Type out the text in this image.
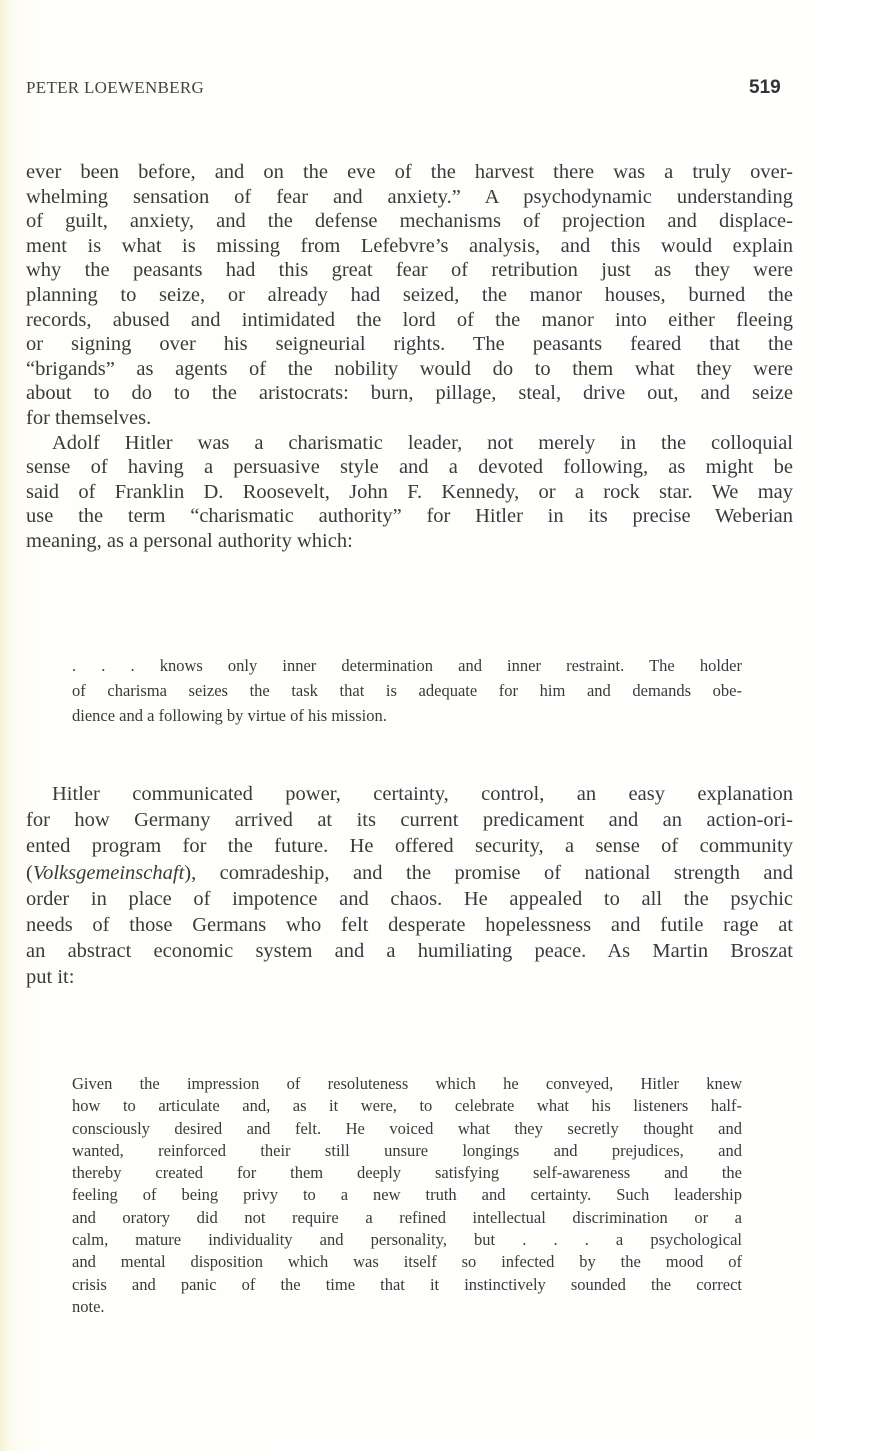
PETER LOEWENBERG	519
ever been before, and on the eve of the harvest there was a truly over-
whelming sensation of fear and anxiety.” A psychodynamic understanding
of guilt, anxiety, and the defense mechanisms of projection and displace-
ment is what is missing from Lefebvre’s analysis, and this would explain
why the peasants had this great fear of retribution just as they were
planning to seize, or already had seized, the manor houses, burned the
records, abused and intimidated the lord of the manor into either fleeing
or signing over his seigneurial rights. The peasants feared that the
“brigands” as agents of the nobility would do to them what they were
about to do to the aristocrats: burn, pillage, steal, drive out, and seize
for themselves.
Adolf Hitler was a charismatic leader, not merely in the colloquial
sense of having a persuasive style and a devoted following, as might be
said of Franklin D. Roosevelt, John F. Kennedy, or a rock star. We may
use the term “charismatic authority” for Hitler in its precise Weberian
meaning, as a personal authority which:
. . . knows only inner determination and inner restraint. The holder
of charisma seizes the task that is adequate for him and demands obe-
dience and a following by virtue of his mission.
Hitler communicated power, certainty, control, an easy explanation
for how Germany arrived at its current predicament and an action-ori-
ented program for the future. He offered security, a sense of community
(Volksgemeinschaft), comradeship, and the promise of national strength and
order in place of impotence and chaos. He appealed to all the psychic
needs of those Germans who felt desperate hopelessness and futile rage at
an abstract economic system and a humiliating peace. As Martin Broszat
put it:
Given the impression of resoluteness which he conveyed, Hitler knew
how to articulate and, as it were, to celebrate what his listeners half-
consciously desired and felt. He voiced what they secretly thought and
wanted, reinforced their still unsure longings and prejudices, and
thereby created for them deeply satisfying self-awareness and the
feeling of being privy to a new truth and certainty. Such leadership
and oratory did not require a refined intellectual discrimination or a
calm, mature individuality and personality, but . . . a psychological
and mental disposition which was itself so infected by the mood of
crisis and panic of the time that it instinctively sounded the correct
note.
